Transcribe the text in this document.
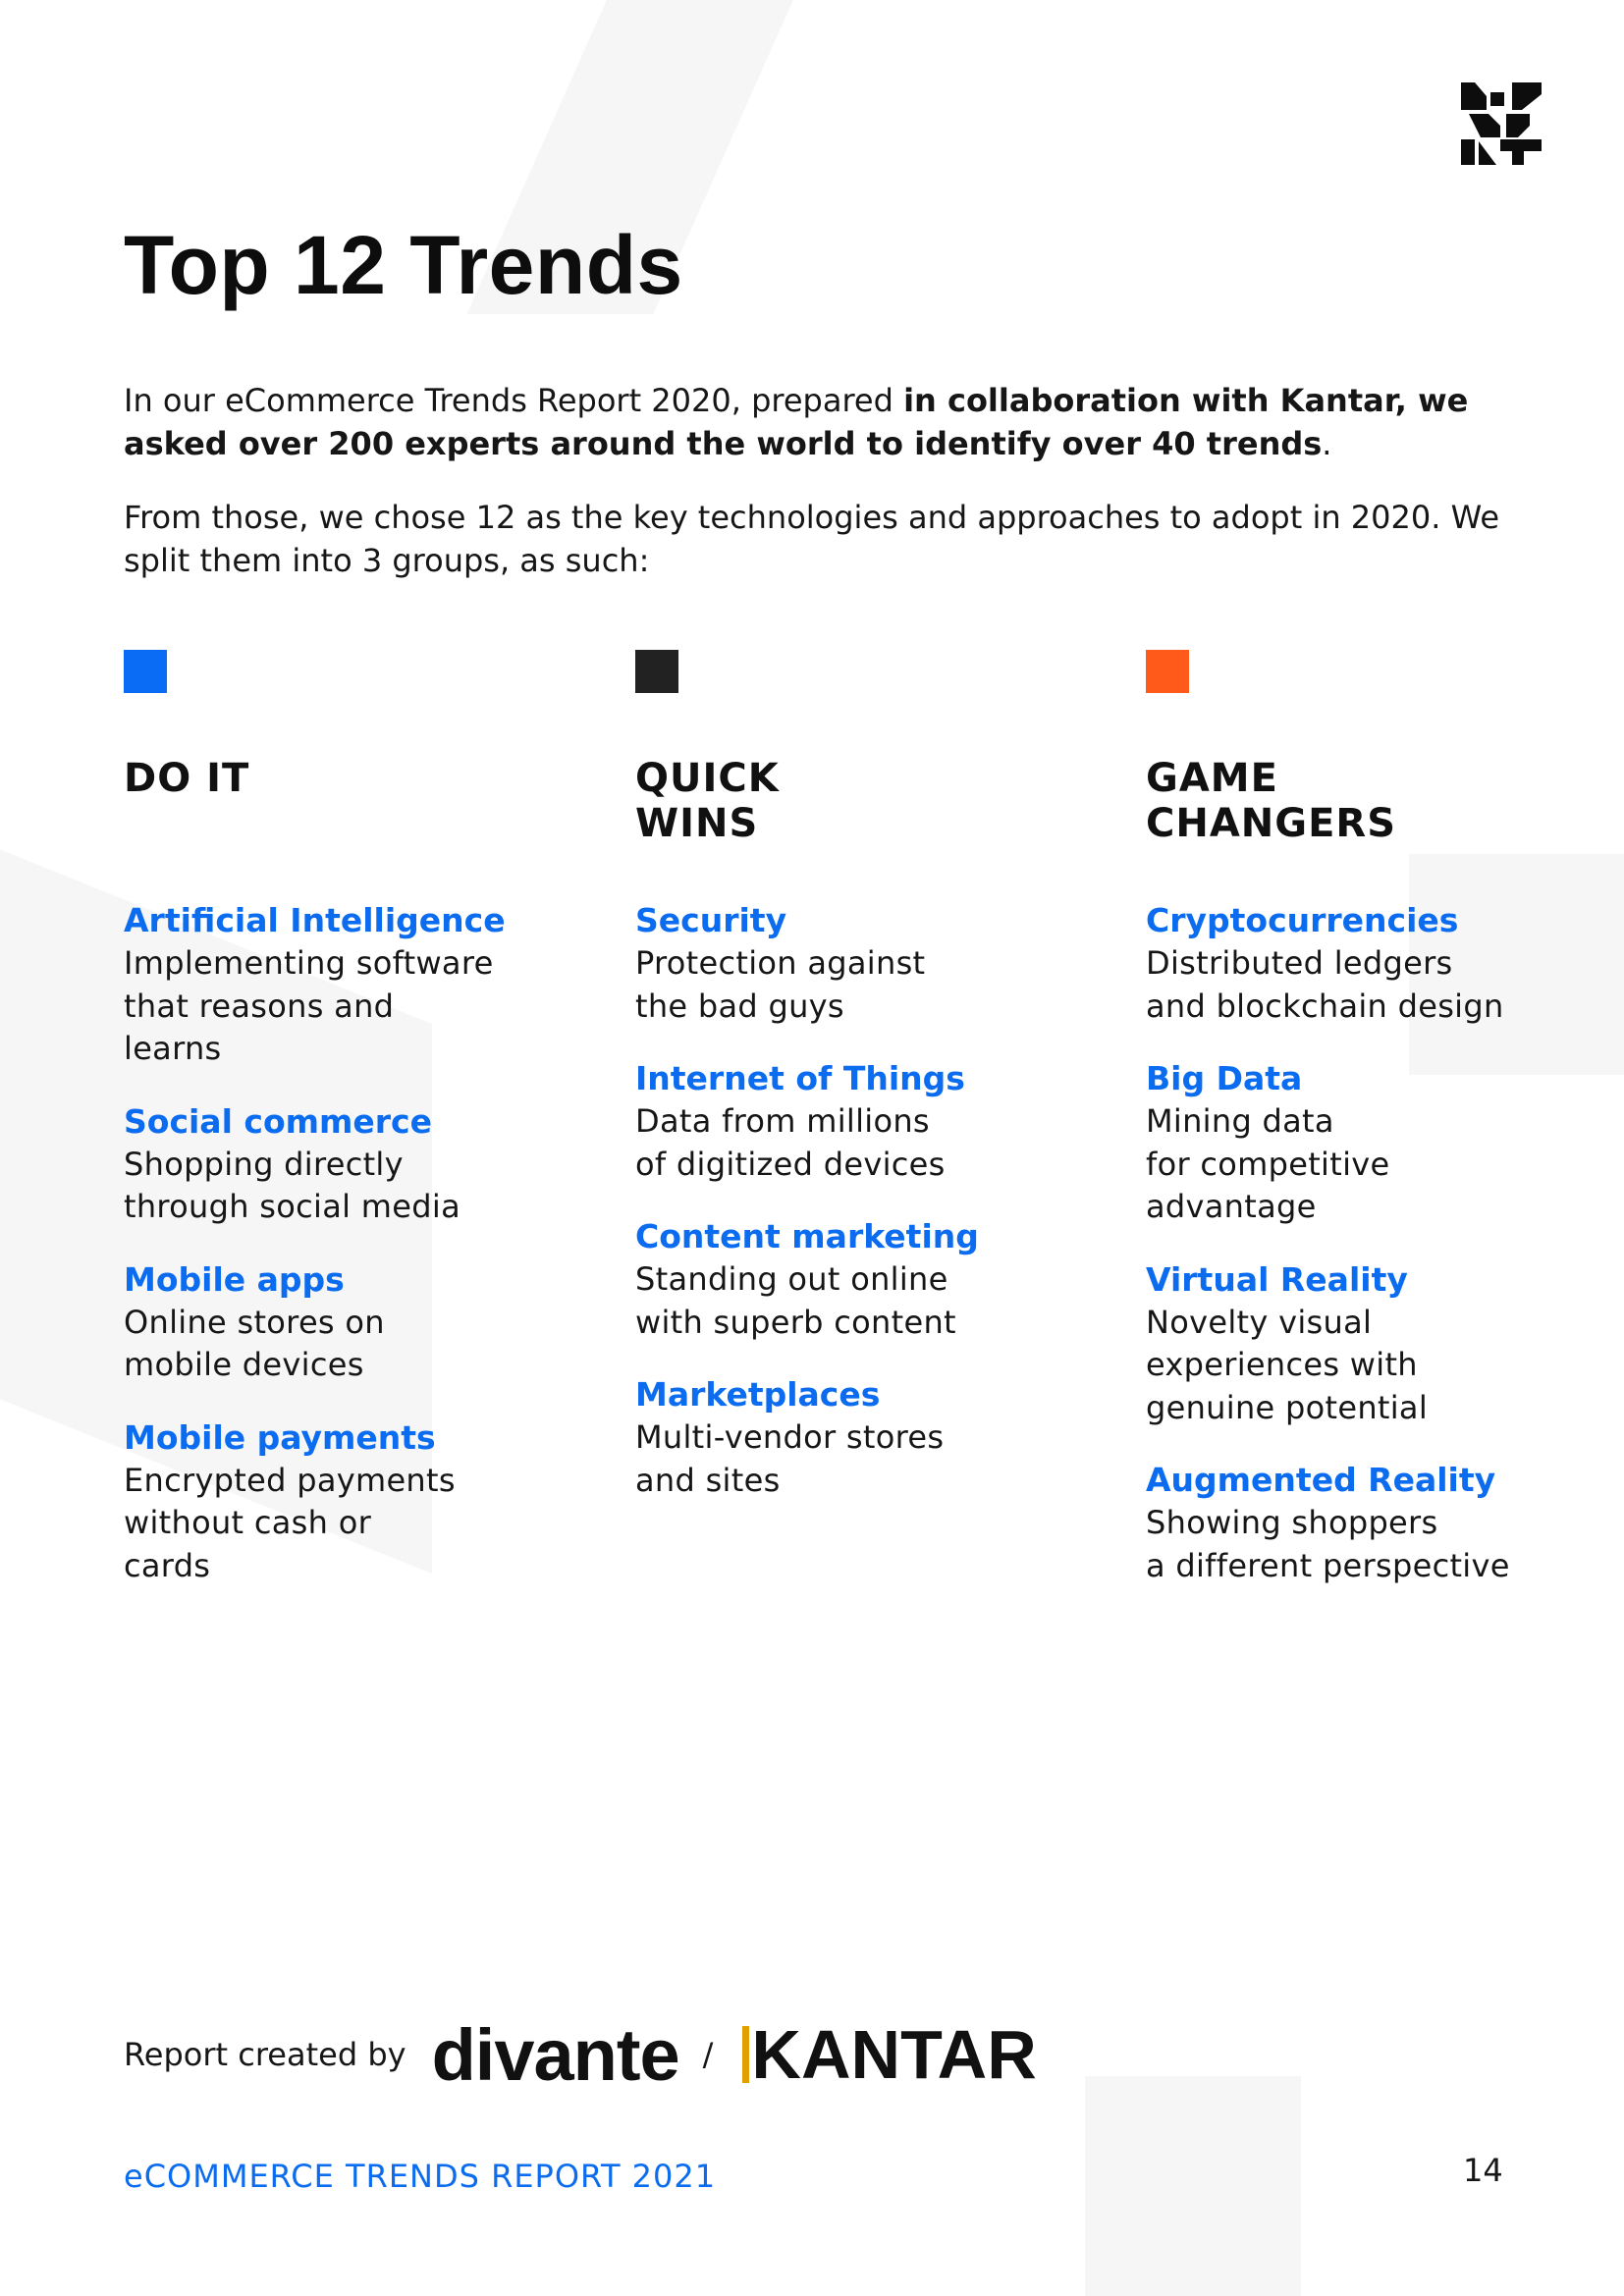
Top 12 Trends

In our eCommerce Trends Report 2020, prepared in collaboration with Kantar, we asked over 200 experts around the world to identify over 40 trends.

From those, we chose 12 as the key technologies and approaches to adopt in 2020. We split them into 3 groups, as such:

DO IT
Artificial Intelligence
Implementing software
that reasons and
learns
Social commerce
Shopping directly
through social media
Mobile apps
Online stores on
mobile devices
Mobile payments
Encrypted payments
without cash or
cards
QUICK WINS
Security
Protection against
the bad guys
Internet of Things
Data from millions
of digitized devices
Content marketing
Standing out online
with superb content
Marketplaces
Multi-vendor stores
and sites
GAME CHANGERS
Cryptocurrencies
Distributed ledgers
and blockchain design
Big Data
Mining data
for competitive
advantage
Virtual Reality
Novelty visual
experiences with
genuine potential
Augmented Reality
Showing shoppers
a different perspective
Report created by divante / KANTAR
eCOMMERCE TRENDS REPORT 2021	14
